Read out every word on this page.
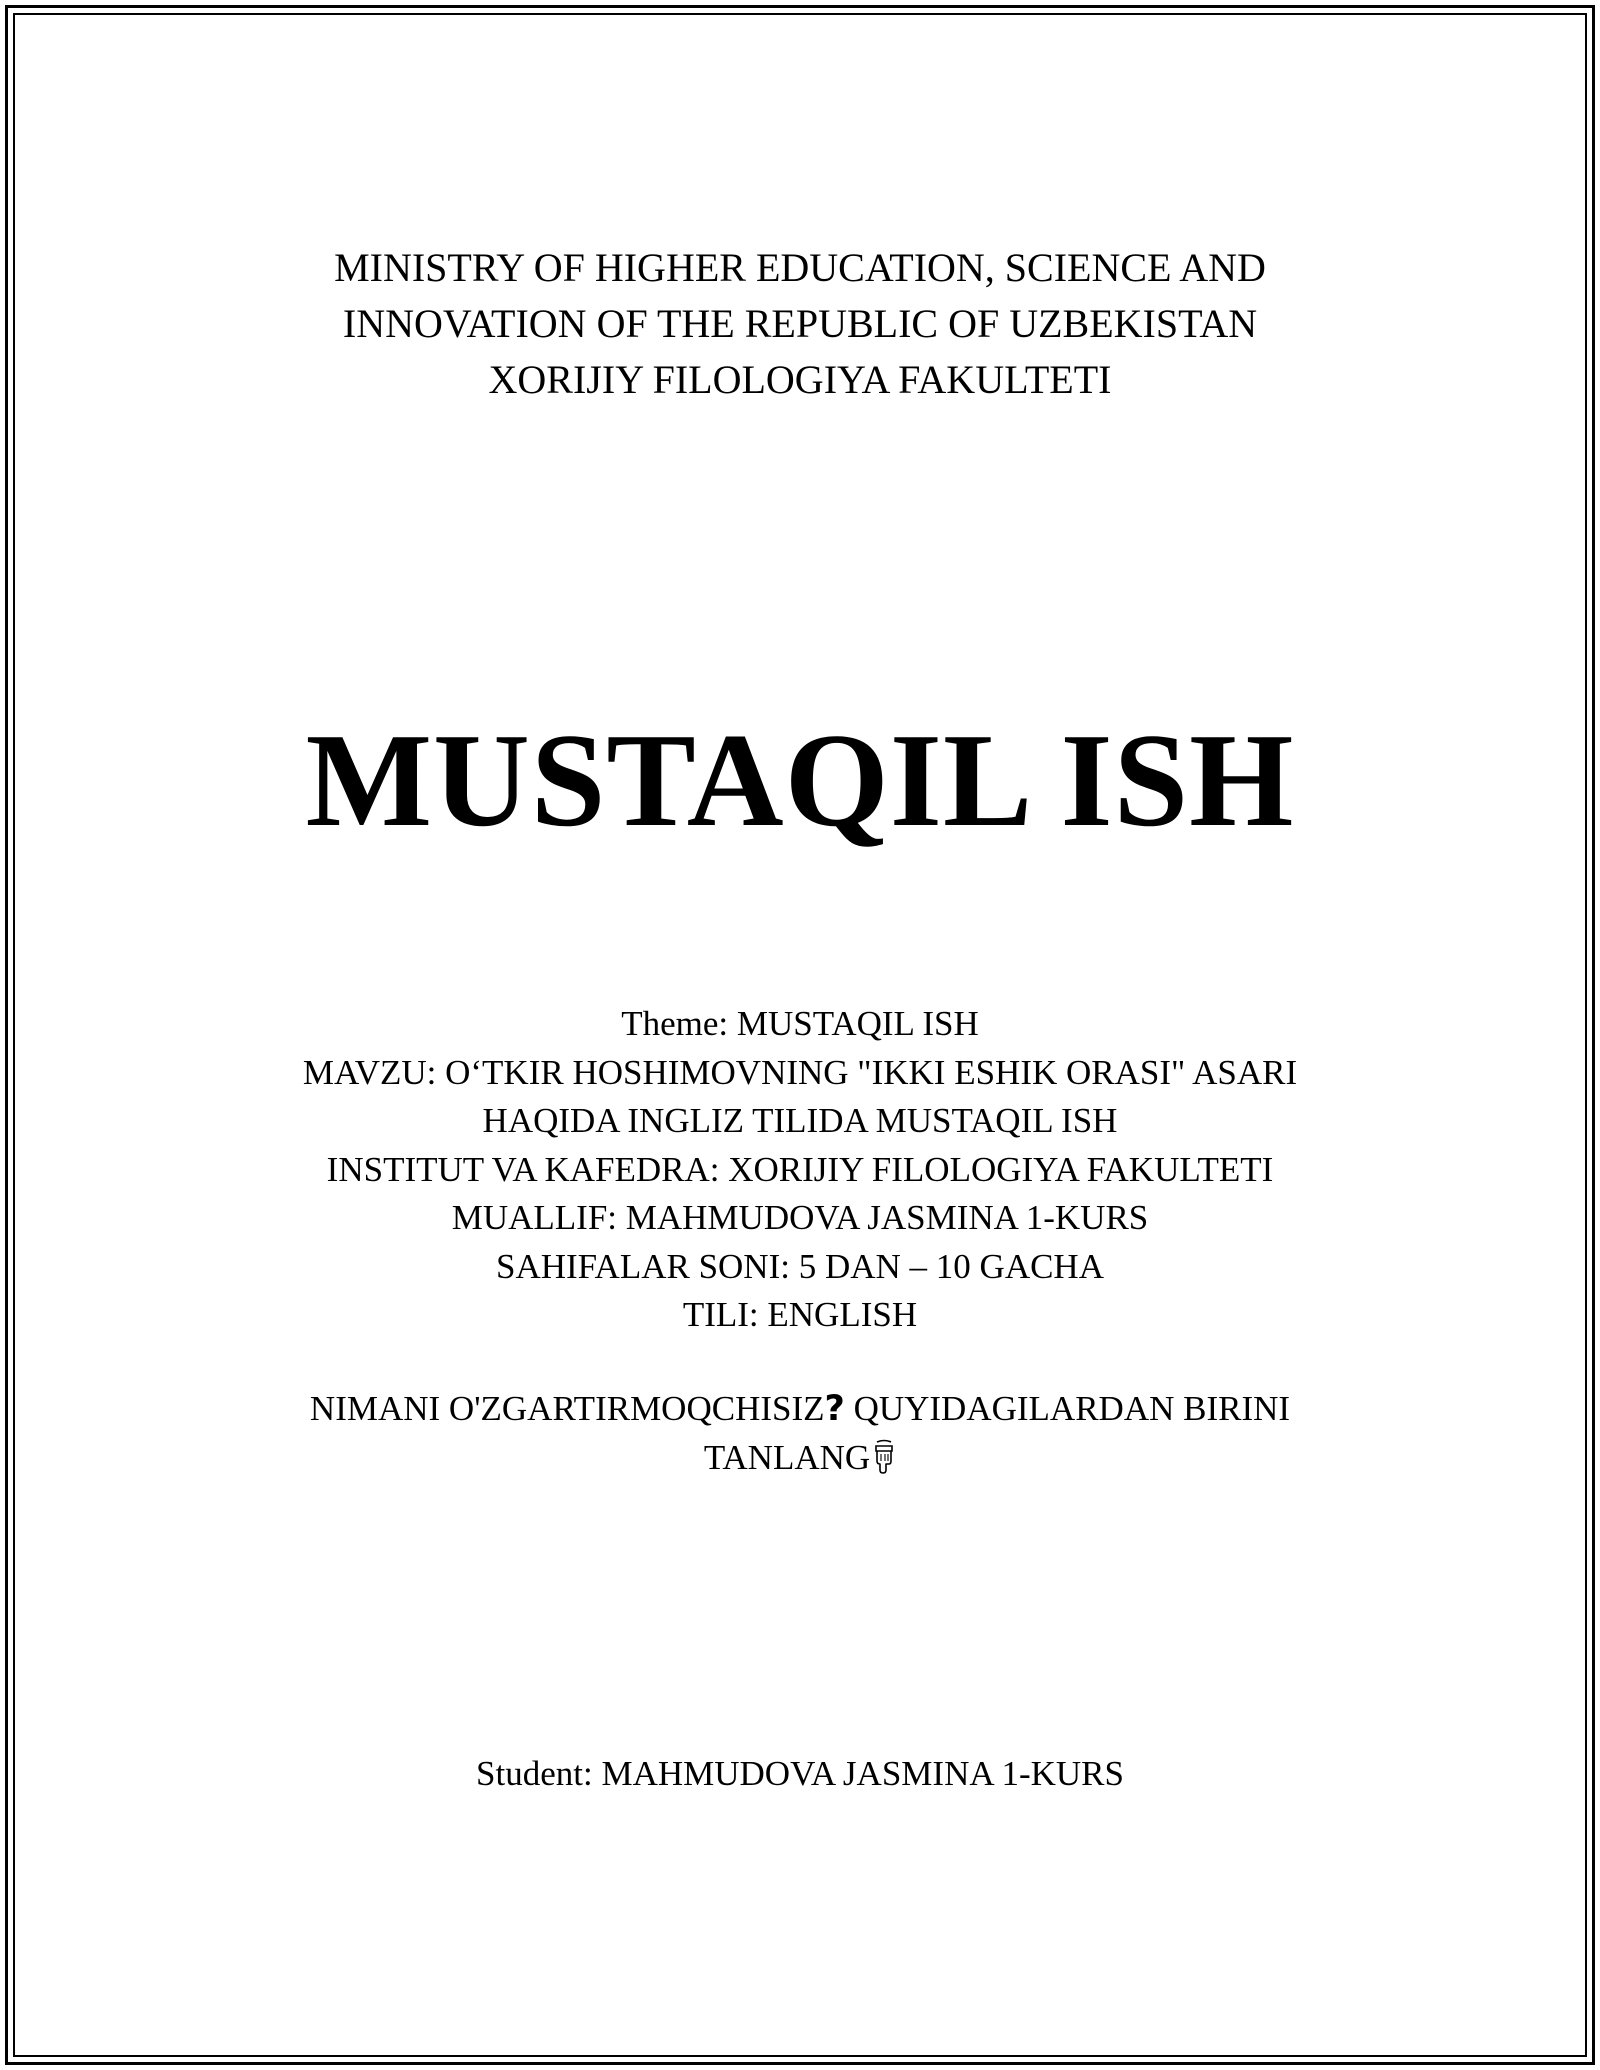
MINISTRY OF HIGHER EDUCATION, SCIENCE AND
INNOVATION OF THE REPUBLIC OF UZBEKISTAN
XORIJIY FILOLOGIYA FAKULTETI
MUSTAQIL ISH
Theme: MUSTAQIL ISH
MAVZU: O‘TKIR HOSHIMOVNING "IKKI ESHIK ORASI" ASARI
HAQIDA INGLIZ TILIDA MUSTAQIL ISH
INSTITUT VA KAFEDRA: XORIJIY FILOLOGIYA FAKULTETI
MUALLIF: MAHMUDOVA JASMINA 1-KURS
SAHIFALAR SONI: 5 DAN – 10 GACHA
TILI: ENGLISH
NIMANI O'ZGARTIRMOQCHISIZ? QUYIDAGILARDAN BIRINI
TANLANG
Student: MAHMUDOVA JASMINA 1-KURS
